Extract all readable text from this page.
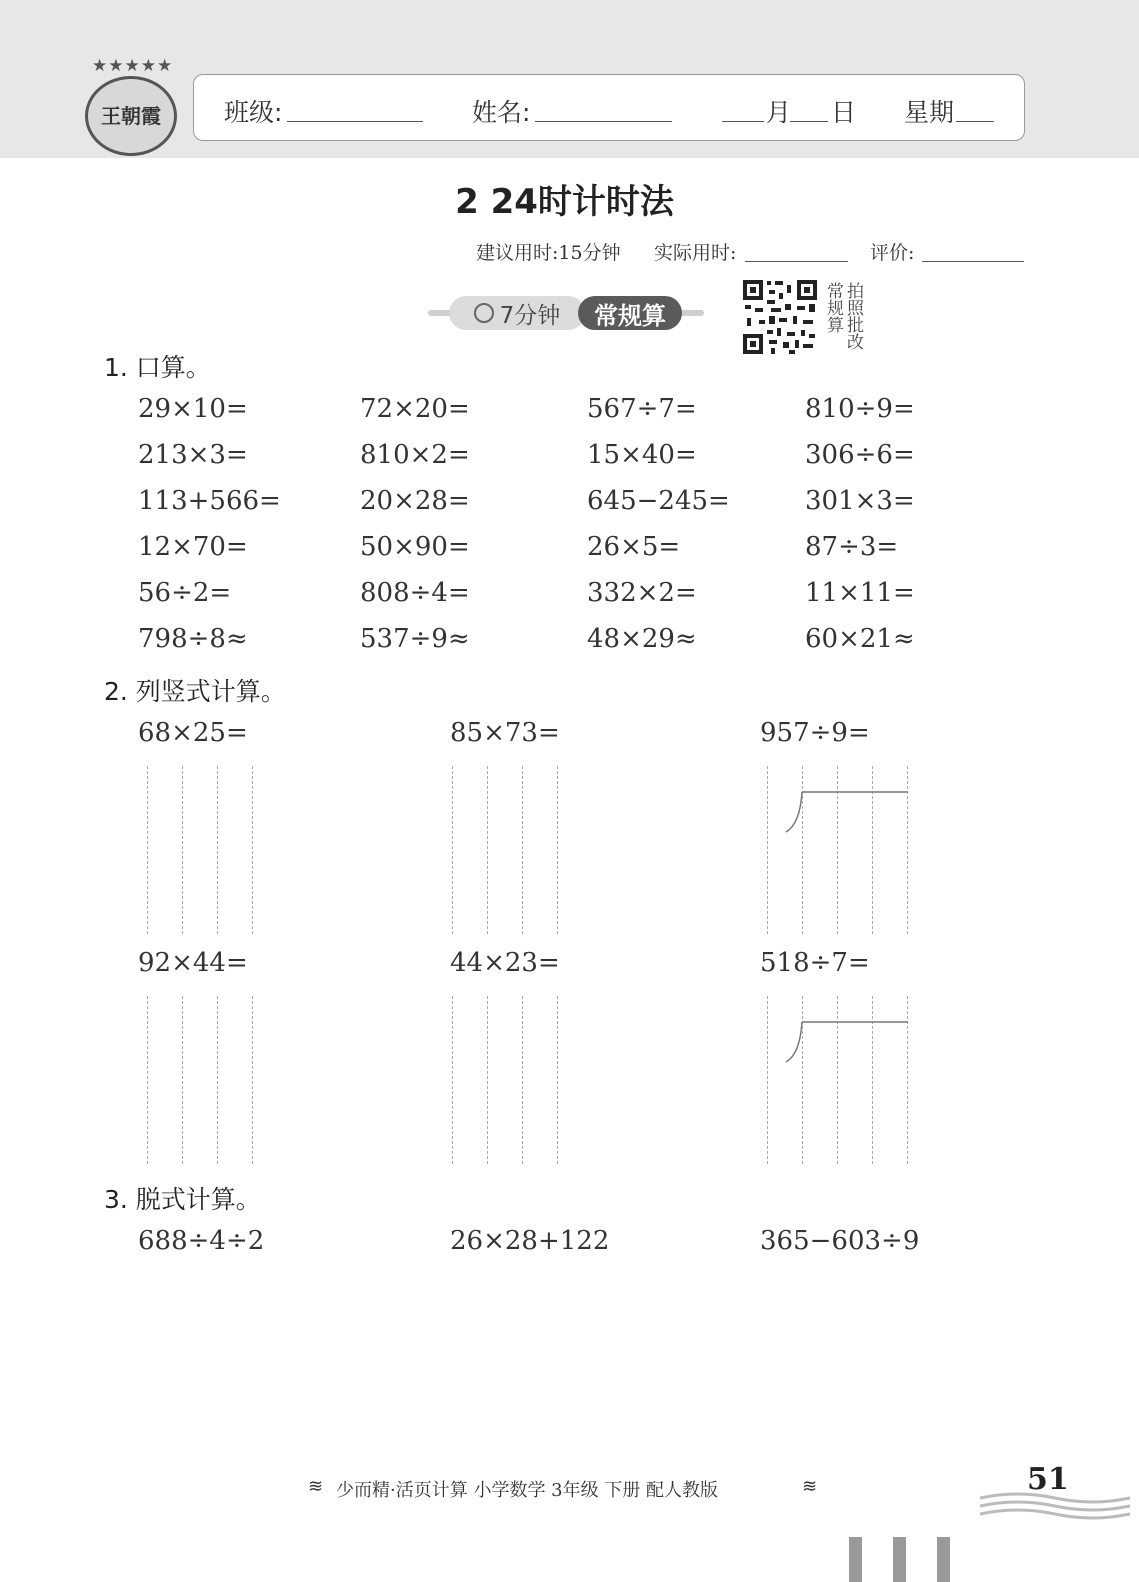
★★★★★
王朝霞	班级:	姓名:	月 日 星期
2 24时计时法
建议用时:15分钟 实际用时:	评价:
7分钟	常规算	常规算 拍照批改
1. 口算。
29×10=	72×20=	567÷7=	810÷9=
213×3=	810×2=	15×40=	306÷6=
113+566=	20×28=	645−245=	301×3=
12×70=	50×90=	26×5=	87÷3=
56÷2=	808÷4=	332×2=	11×11=
798÷8≈	537÷9≈	48×29≈	60×21≈
2. 列竖式计算。
68×25=	85×73=	957÷9=
92×44=	44×23=	518÷7=
3. 脱式计算。
688÷4÷2	26×28+122	365−603÷9
≋ 少而精·活页计算 小学数学 3年级 下册 配人教版	≋	51
